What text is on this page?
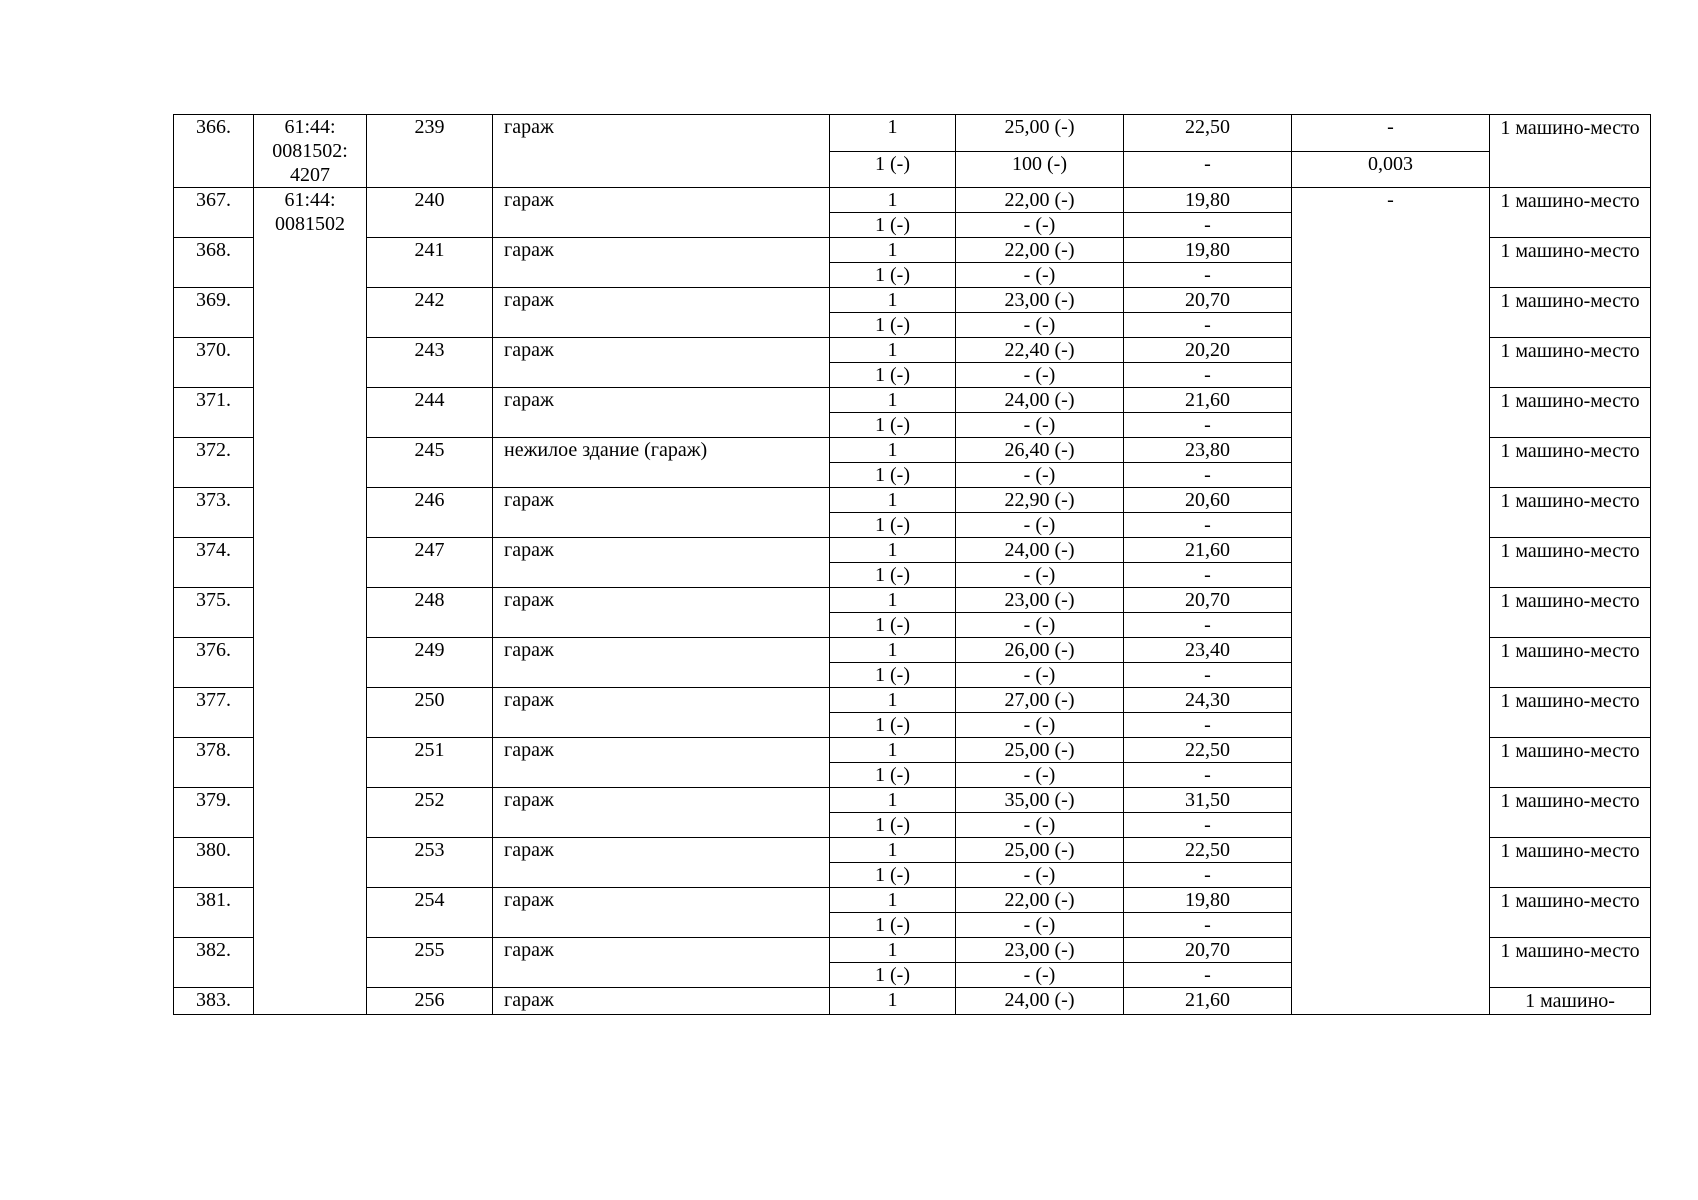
366.	61:44: 0081502: 4207	239	гараж	1	25,00 (-)	22,50	-	1 машино-место
				1 (-)	100 (-)	-	0,003	
367.	61:44: 0081502	240	гараж	1	22,00 (-)	19,80	-	1 машино-место
				1 (-)	- (-)	-		
368.		241	гараж	1	22,00 (-)	19,80		1 машино-место
				1 (-)	- (-)	-		
369.		242	гараж	1	23,00 (-)	20,70		1 машино-место
				1 (-)	- (-)	-		
370.		243	гараж	1	22,40 (-)	20,20		1 машино-место
				1 (-)	- (-)	-		
371.		244	гараж	1	24,00 (-)	21,60		1 машино-место
				1 (-)	- (-)	-		
372.		245	нежилое здание (гараж)	1	26,40 (-)	23,80		1 машино-место
				1 (-)	- (-)	-		
373.		246	гараж	1	22,90 (-)	20,60		1 машино-место
				1 (-)	- (-)	-		
374.		247	гараж	1	24,00 (-)	21,60		1 машино-место
				1 (-)	- (-)	-		
375.		248	гараж	1	23,00 (-)	20,70		1 машино-место
				1 (-)	- (-)	-		
376.		249	гараж	1	26,00 (-)	23,40		1 машино-место
				1 (-)	- (-)	-		
377.		250	гараж	1	27,00 (-)	24,30		1 машино-место
				1 (-)	- (-)	-		
378.		251	гараж	1	25,00 (-)	22,50		1 машино-место
				1 (-)	- (-)	-		
379.		252	гараж	1	35,00 (-)	31,50		1 машино-место
				1 (-)	- (-)	-		
380.		253	гараж	1	25,00 (-)	22,50		1 машино-место
				1 (-)	- (-)	-		
381.		254	гараж	1	22,00 (-)	19,80		1 машино-место
				1 (-)	- (-)	-		
382.		255	гараж	1	23,00 (-)	20,70		1 машино-место
				1 (-)	- (-)	-		
383.		256	гараж	1	24,00 (-)	21,60		1 машино-
